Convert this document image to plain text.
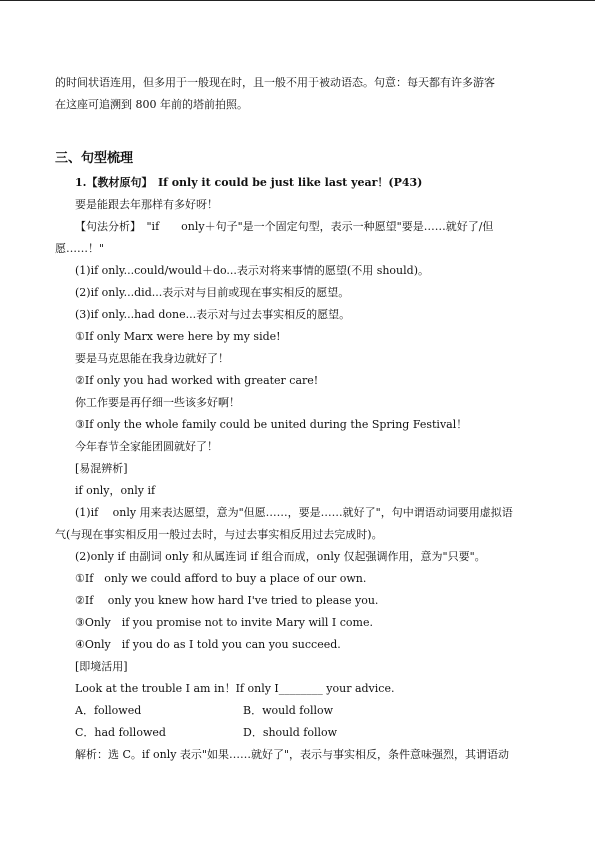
的时间状语连用，但多用于一般现在时，且一般不用于被动语态。句意：每天都有许多游客
在这座可追溯到 800 年前的塔前拍照。
三、句型梳理
1.【教材原句】　If only it could be just like last year！(P43)
要是能跟去年那样有多好呀！
【句法分析】　"if　　only＋句子"是一个固定句型，表示一种愿望"要是……就好了/但
愿……！"
(1)if only...could/would＋do...表示对将来事情的愿望(不用 should)。
(2)if only...did...表示对与目前或现在事实相反的愿望。
(3)if only...had done...表示对与过去事实相反的愿望。
①If only Marx were here by my side!
要是马克思能在我身边就好了！
②If only you had worked with greater care!
你工作要是再仔细一些该多好啊！
③If only the whole family could be united during the Spring Festival！
今年春节全家能团圆就好了！
[易混辨析]
if only，only if
(1)if　 only 用来表达愿望，意为"但愿……，要是……就好了"，句中谓语动词要用虚拟语
气(与现在事实相反用一般过去时，与过去事实相反用过去完成时)。
(2)only if 由副词 only 和从属连词 if 组合而成，only 仅起强调作用，意为"只要"。
①If　only we could afford to buy a place of our own.
②If　 only you knew how hard I've tried to please you.
③Only　if you promise not to invite Mary will I come.
④Only　if you do as I told you can you succeed.
[即境活用]
Look at the trouble I am in！If only I________ your advice.
A．followed	B．would follow
C．had followed	D．should follow
解析：选 C。if only 表示"如果……就好了"，表示与事实相反，条件意味强烈，其谓语动
